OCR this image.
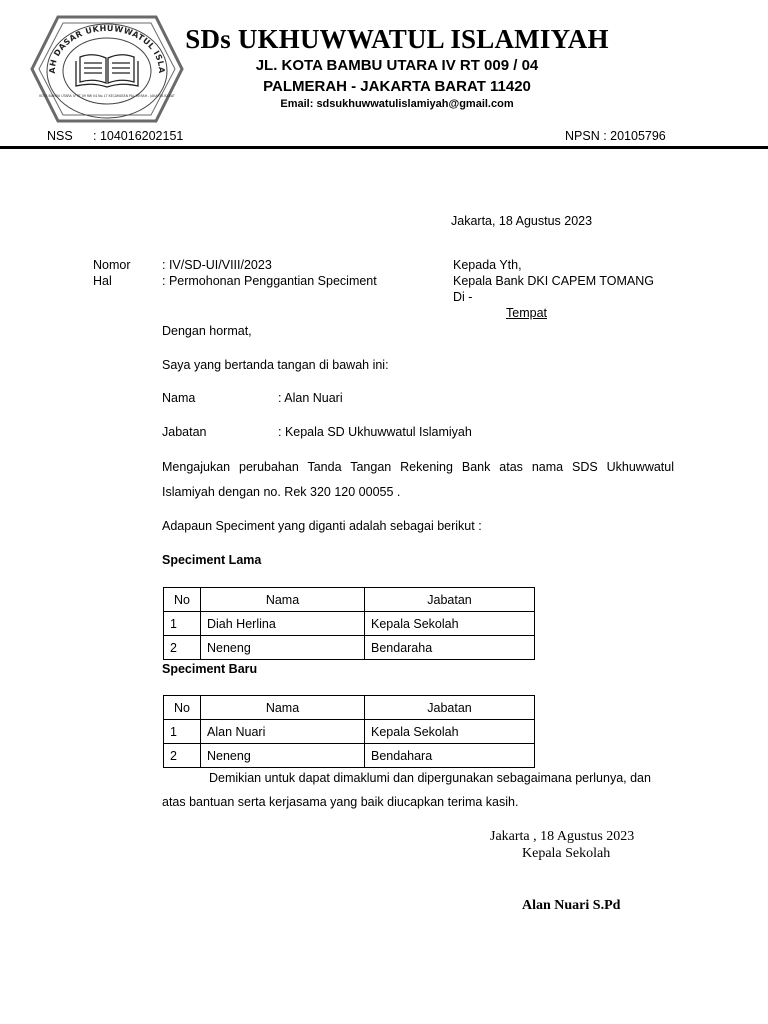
AH DASAR UKHUWWATUL ISLA
KOTA BAMBU UTARA IV RT 09 RW 04 No.17 KECAMATAN PAL MERAH - JAKARTA BARAT
SDs UKHUWWATUL ISLAMIYAH
JL. KOTA BAMBU UTARA IV RT 009 / 04
PALMERAH - JAKARTA BARAT 11420
Email: sdsukhuwwatulislamiyah@gmail.com
NSS : 104016202151	NPSN : 20105796
Jakarta, 18 Agustus 2023
Nomor	: IV/SD-UI/VIII/2023
Hal	: Permohonan Penggantian Speciment
Kepada Yth,
Kepala Bank DKI CAPEM TOMANG
Di -
Tempat
Dengan hormat,
Saya yang bertanda tangan di bawah ini:
Nama	: Alan Nuari
Jabatan	: Kepala SD Ukhuwwatul Islamiyah
Mengajukan perubahan Tanda Tangan Rekening Bank atas nama SDS Ukhuwwatul
Islamiyah dengan no. Rek 320 120 00055 .
Adapaun Speciment yang diganti adalah sebagai berikut :
Speciment Lama
No	Nama	Jabatan
1	Diah Herlina	Kepala Sekolah
2	Neneng	Bendaraha
Speciment Baru
No	Nama	Jabatan
1	Alan Nuari	Kepala Sekolah
2	Neneng	Bendahara
Demikian untuk dapat dimaklumi dan dipergunakan sebagaimana perlunya, dan
atas bantuan serta kerjasama yang baik diucapkan terima kasih.
Jakarta , 18 Agustus 2023
Kepala Sekolah
Alan Nuari S.Pd
